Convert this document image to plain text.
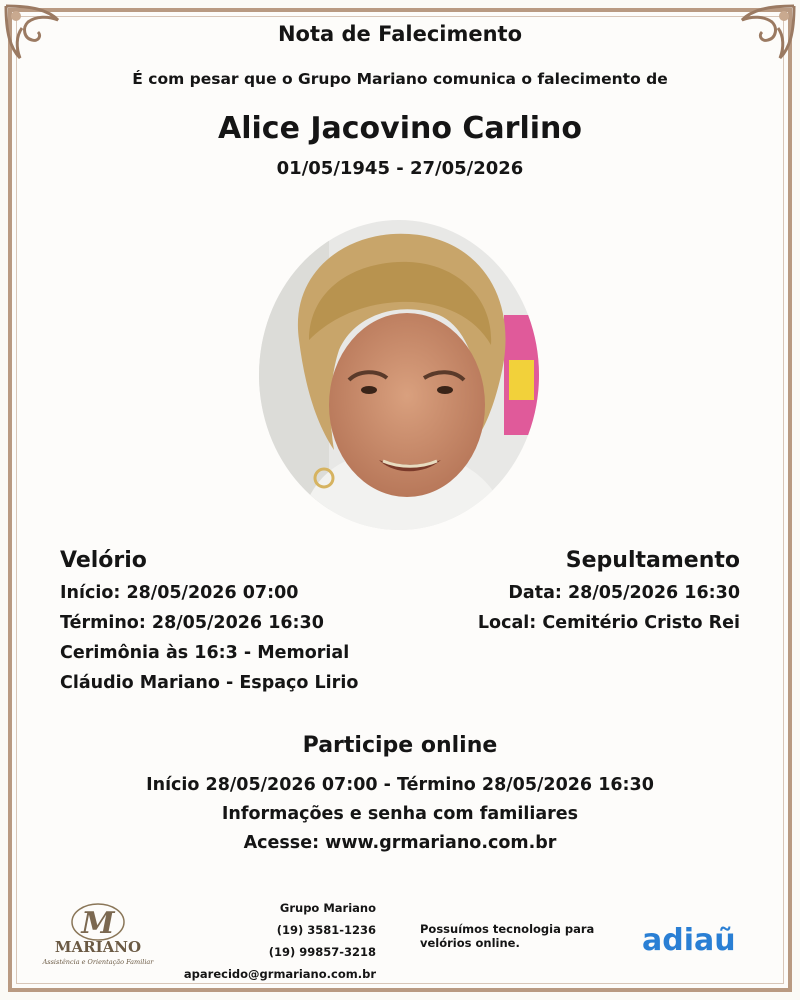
Nota de Falecimento
É com pesar que o Grupo Mariano comunica o falecimento de
Alice Jacovino Carlino
01/05/1945 - 27/05/2026
Velório
Início: 28/05/2026 07:00
Término: 28/05/2026 16:30
Cerimônia às 16:3 - Memorial
Cláudio Mariano - Espaço Lirio
Sepultamento
Data: 28/05/2026 16:30
Local: Cemitério Cristo Rei
Participe online
Início 28/05/2026 07:00 - Término 28/05/2026 16:30
Informações e senha com familiares
Acesse: www.grmariano.com.br
M
MARIANO
Assistência e Orientação Familiar
Grupo Mariano
(19) 3581-1236
(19) 99857-3218
aparecido@grmariano.com.br
Possuímos tecnologia para velórios online.	adiaũ
